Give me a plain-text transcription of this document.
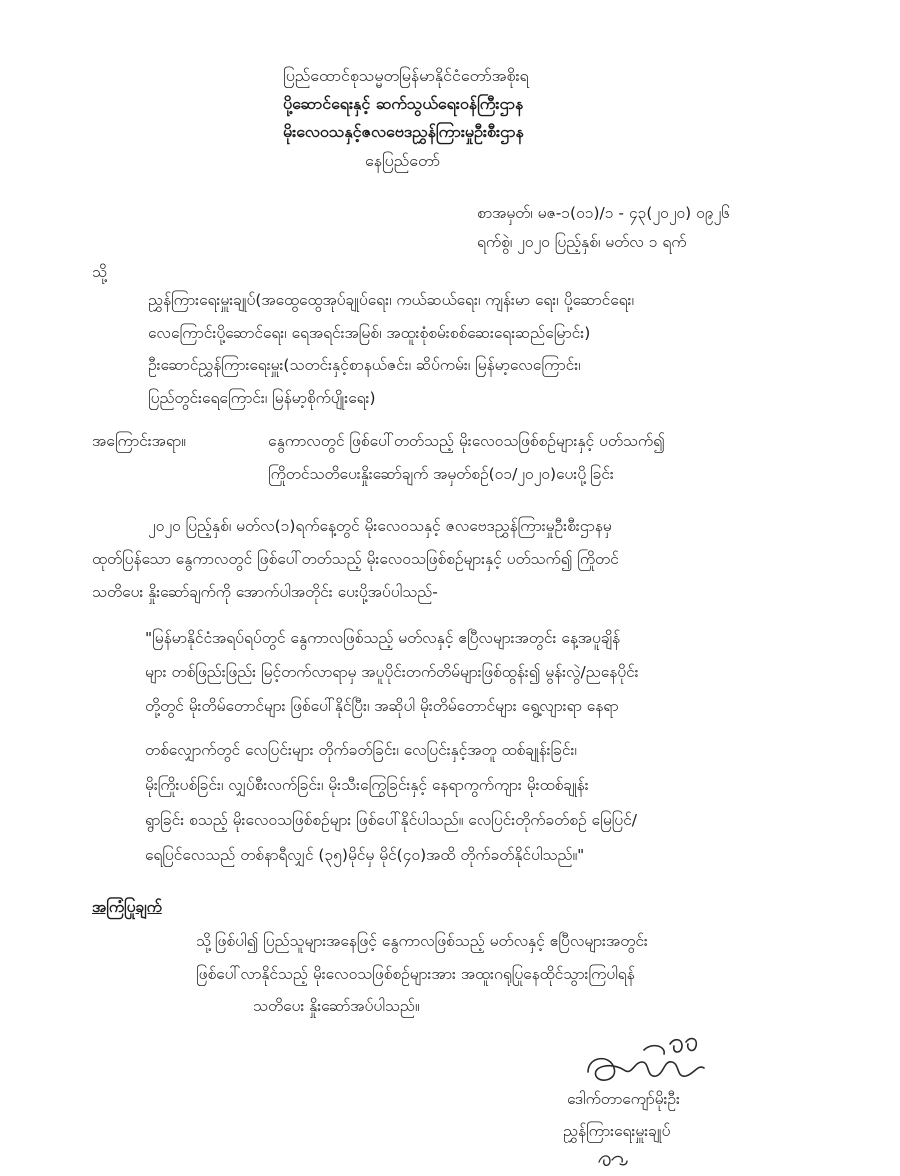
ပြည်ထောင်စုသမ္မတမြန်မာနိုင်ငံတော်အစိုးရ
ပို့ဆောင်ရေးနှင့် ဆက်သွယ်ရေးဝန်ကြီးဌာန
မိုးလေဝသနှင့်ဇလဗေဒညွှန်ကြားမှုဦးစီးဌာန
နေပြည်တော်
စာအမှတ်၊ မဇ-၁(၀၁)/၁ - ၄၃(၂၀၂၀) ၀၉၂၆
ရက်စွဲ၊ ၂၀၂၀ ပြည့်နှစ်၊ မတ်လ ၁ ရက်
သို့
ညွှန်ကြားရေးမှူးချုပ်(အထွေထွေအုပ်ချုပ်ရေး၊ ကယ်ဆယ်ရေး၊ ကျန်းမာ ရေး၊ ပို့ဆောင်ရေး၊
လေကြောင်းပို့ဆောင်ရေး၊ ရေအရင်းအမြစ်၊ အထူးစုံစမ်းစစ်ဆေးရေးဆည်မြောင်း)
ဦးဆောင်ညွှန်ကြားရေးမှူး(သတင်းနှင့်စာနယ်ဇင်း၊ ဆိပ်ကမ်း၊ မြန်မာ့လေကြောင်း၊
ပြည်တွင်းရေကြောင်း၊ မြန်မာ့စိုက်ပျိုးရေး)
အကြောင်းအရာ။	နွေကာလတွင် ဖြစ်ပေါ်တတ်သည့် မိုးလေဝသဖြစ်စဉ်များနှင့် ပတ်သက်၍
ကြိုတင်သတိပေးနှိုးဆော်ချက် အမှတ်စဉ်(၀၁/၂၀၂၀)ပေးပို့ခြင်း
၂၀၂၀ ပြည့်နှစ်၊ မတ်လ(၁)ရက်နေ့တွင် မိုးလေဝသနှင့် ဇလဗေဒညွှန်ကြားမှုဦးစီးဌာနမှ
ထုတ်ပြန်သော နွေကာလတွင် ဖြစ်ပေါ်တတ်သည့် မိုးလေဝသဖြစ်စဉ်များနှင့် ပတ်သက်၍ ကြိုတင်
သတိပေး နှိုးဆော်ချက်ကို အောက်ပါအတိုင်း ပေးပို့အပ်ပါသည်-
"မြန်မာနိုင်ငံအရပ်ရပ်တွင် နွေကာလဖြစ်သည့် မတ်လနှင့် ဧပြီလများအတွင်း နေ့အပူချိန်
များ တစ်ဖြည်းဖြည်း မြင့်တက်လာရာမှ အပူပိုင်းတက်တိမ်များဖြစ်ထွန်း၍ မွန်းလွဲ/ညနေပိုင်း
တို့တွင် မိုးတိမ်တောင်များ ဖြစ်ပေါ်နိုင်ပြီး၊ အဆိုပါ မိုးတိမ်တောင်များ ရွေ့လျားရာ နေရာ
တစ်လျှောက်တွင် လေပြင်းများ တိုက်ခတ်ခြင်း၊ လေပြင်းနှင့်အတူ ထစ်ချုန်းခြင်း၊
မိုးကြိုးပစ်ခြင်း၊ လျှပ်စီးလက်ခြင်း၊ မိုးသီးကြွေခြင်းနှင့် နေရာကွက်ကျား မိုးထစ်ချုန်း
ရွာခြင်း စသည့် မိုးလေဝသဖြစ်စဉ်များ ဖြစ်ပေါ်နိုင်ပါသည်။ လေပြင်းတိုက်ခတ်စဉ် မြေပြင်/
ရေပြင်လေသည် တစ်နာရီလျှင် (၃၅)မိုင်မှ မိုင်(၄၀)အထိ တိုက်ခတ်နိုင်ပါသည်။"
အကြံပြုချက်
သို့ဖြစ်ပါ၍ ပြည်သူများအနေဖြင့် နွေကာလဖြစ်သည့် မတ်လနှင့် ဧပြီလများအတွင်း
ဖြစ်ပေါ်လာနိုင်သည့် မိုးလေဝသဖြစ်စဉ်များအား အထူးဂရုပြုနေထိုင်သွားကြပါရန်
သတိပေး နှိုးဆော်အပ်ပါသည်။
ဒေါက်တာကျော်မိုးဦး
ညွှန်ကြားရေးမှူးချုပ်
